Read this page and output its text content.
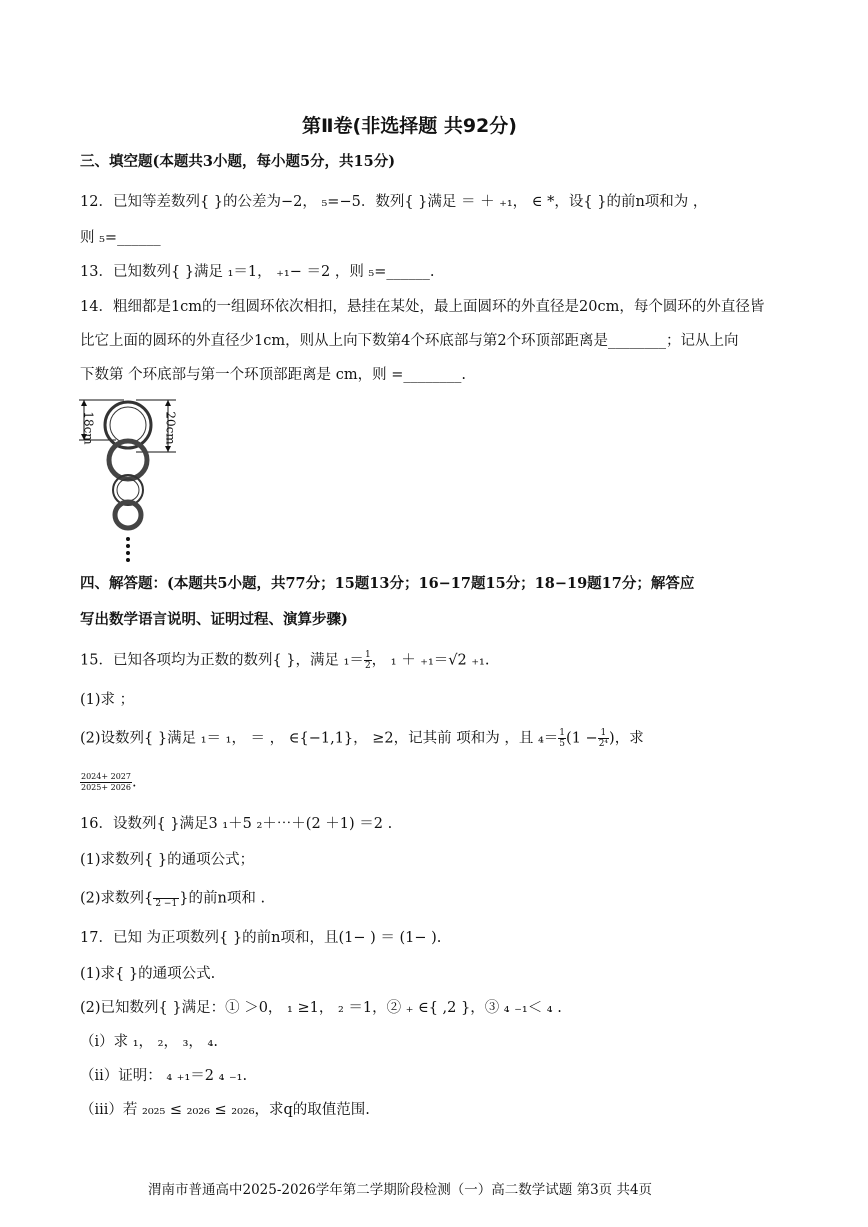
第Ⅱ卷(非选择题 共92分)
三、填空题(本题共3小题，每小题5分，共15分)
12．已知等差数列{ }的公差为−2， ₅=−5．数列{ }满足 ＝ ＋ ₊₁， ∈ *，设{ }的前n项和为 ，
则 ₅=______
13．已知数列{ }满足 ₁＝1， ₊₁− ＝2 ，则 ₅=______.
14．粗细都是1cm的一组圆环依次相扣，悬挂在某处，最上面圆环的外直径是20cm，每个圆环的外直径皆
比它上面的圆环的外直径少1cm，则从上向下数第4个环底部与第2个环顶部距离是________；记从上向
下数第 个环底部与第一个环顶部距离是 cm，则 =________.
18cm	20cm
四、解答题：(本题共5小题，共77分；15题13分；16−17题15分；18−19题17分；解答应
写出数学语言说明、证明过程、演算步骤)
15．已知各项均为正数的数列{ }，满足 $_1= \frac{1}{2}$ ， ₁ ＋ ₊₁＝√2 ₊₁.
(1)求 ；
(2)设数列{ }满足 ₁＝ ₁， ＝ ， ∈{−1,1}， ≥2，记其前 项和为 ，且 $_4= \frac{1}{5} (1 - \frac{1}{\text{2⁴}}$ )，求
$\frac{2024+ 2027}{2025+ 2026}$ .
16．设数列{ }满足3 ₁＋5 ₂＋⋯＋(2 ＋1) ＝2 .
(1)求数列{ }的通项公式；
(2)求数列{
2 −1 }的前n项和 .
17．已知 为正项数列{ }的前n项和，且(1− ) ＝ (1− ).
(1)求{ }的通项公式.
(2)已知数列{ }满足：① ＞0， ₁ ≥1， ₂ ＝1，② ₊ ∈{ ,2 }，③ ₄ ₋₁＜ ₄ .
（i）求 ₁， ₂， ₃， ₄.
（ii）证明： ₄ ₊₁＝2 ₄ ₋₁.
（iii）若 ₂₀₂₅ ≤ ₂₀₂₆ ≤ ₂₀₂₆，求q的取值范围.
渭南市普通高中2025-2026学年第二学期阶段检测（一）高二数学试题 第3页 共4页
